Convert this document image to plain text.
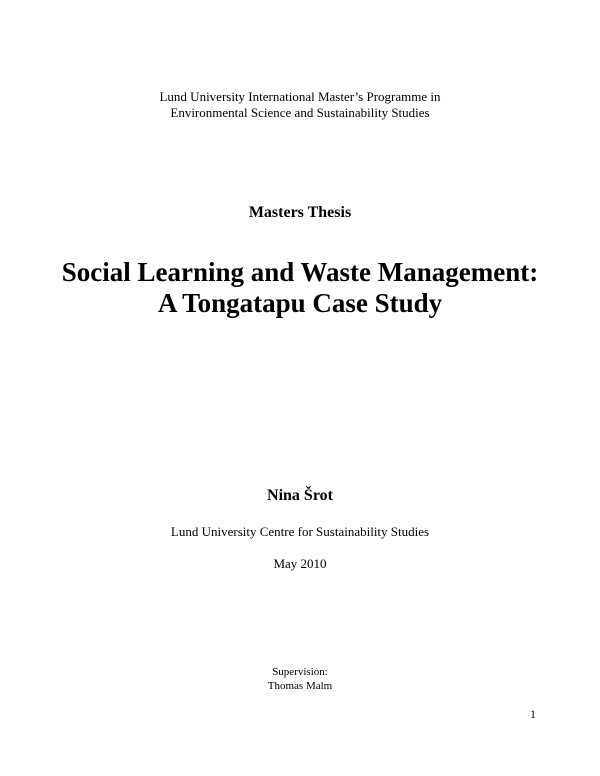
Lund University International Master’s Programme in
Environmental Science and Sustainability Studies
Masters Thesis
Social Learning and Waste Management:
A Tongatapu Case Study
Nina Šrot
Lund University Centre for Sustainability Studies
May 2010
Supervision:
Thomas Malm
1
